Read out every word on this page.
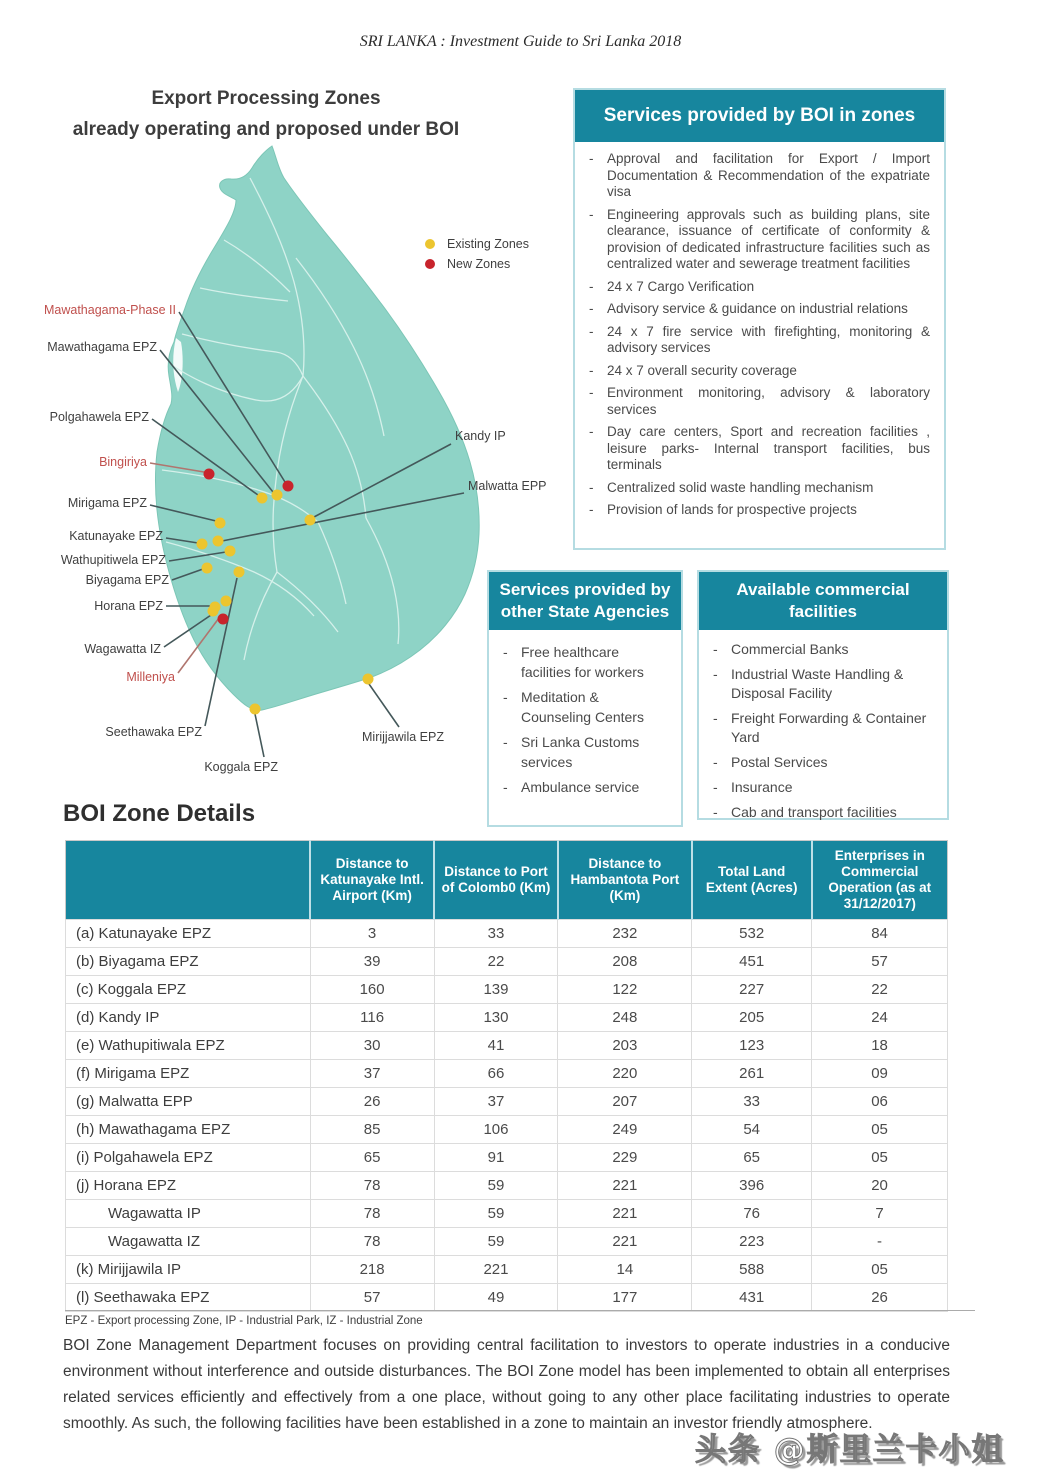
SRI LANKA : Investment Guide to Sri Lanka 2018
Export Processing Zones
already operating and proposed under BOI
Existing Zones
New Zones
Mawathagama-Phase II
Mawathagama EPZ
Polgahawela EPZ
Bingiriya
Mirigama EPZ
Katunayake EPZ
Wathupitiwela EPZ
Biyagama EPZ
Horana EPZ
Wagawatta IZ
Milleniya
Seethawaka EPZ
Koggala EPZ
Mirijjawila EPZ
Kandy IP
Malwatta EPP
Services provided by BOI in zones
- Approval and facilitation for Export / Import Documentation & Recommendation of the expatriate visa
- Engineering approvals such as building plans, site clearance, issuance of certificate of conformity & provision of dedicated infrastructure facilities such as centralized water and sewerage treatment facilities
- 24 x 7 Cargo Verification
- Advisory service & guidance on industrial relations
- 24 x 7 fire service with firefighting, monitoring & advisory services
- 24 x 7 overall security coverage
- Environment monitoring, advisory & laboratory services
- Day care centers, Sport and recreation facilities , leisure parks- Internal transport facilities, bus terminals
- Centralized solid waste handling mechanism
- Provision of lands for prospective projects
Services provided by other State Agencies
- Free healthcare facilities for workers
- Meditation & Counseling Centers
- Sri Lanka Customs services
- Ambulance service
Available commercial facilities
- Commercial Banks
- Industrial Waste Handling & Disposal Facility
- Freight Forwarding & Container Yard
- Postal Services
- Insurance
- Cab and transport facilities
BOI Zone Details
	Distance to Katunayake Intl. Airport (Km)	Distance to Port of Colomb0 (Km)	Distance to Hambantota Port (Km)	Total Land Extent (Acres)	Enterprises in Commercial Operation (as at 31/12/2017)
(a) Katunayake EPZ	3	33	232	532	84
(b) Biyagama EPZ	39	22	208	451	57
(c) Koggala EPZ	160	139	122	227	22
(d) Kandy IP	116	130	248	205	24
(e) Wathupitiwala EPZ	30	41	203	123	18
(f) Mirigama EPZ	37	66	220	261	09
(g) Malwatta EPP	26	37	207	33	06
(h) Mawathagama EPZ	85	106	249	54	05
(i) Polgahawela EPZ	65	91	229	65	05
(j) Horana EPZ	78	59	221	396	20
Wagawatta IP	78	59	221	76	7
Wagawatta IZ	78	59	221	223	-
(k) Mirijjawila IP	218	221	14	588	05
(l) Seethawaka EPZ	57	49	177	431	26
EPZ - Export processing Zone, IP - Industrial Park, IZ - Industrial Zone
BOI Zone Management Department focuses on providing central facilitation to investors to operate industries in a conducive environment without interference and outside disturbances. The BOI Zone model has been implemented to obtain all enterprises related services efficiently and effectively from a one place, without going to any other place facilitating industries to operate smoothly. As such, the following facilities have been established in a zone to maintain an investor friendly atmosphere.
头条 @斯里兰卡小姐
